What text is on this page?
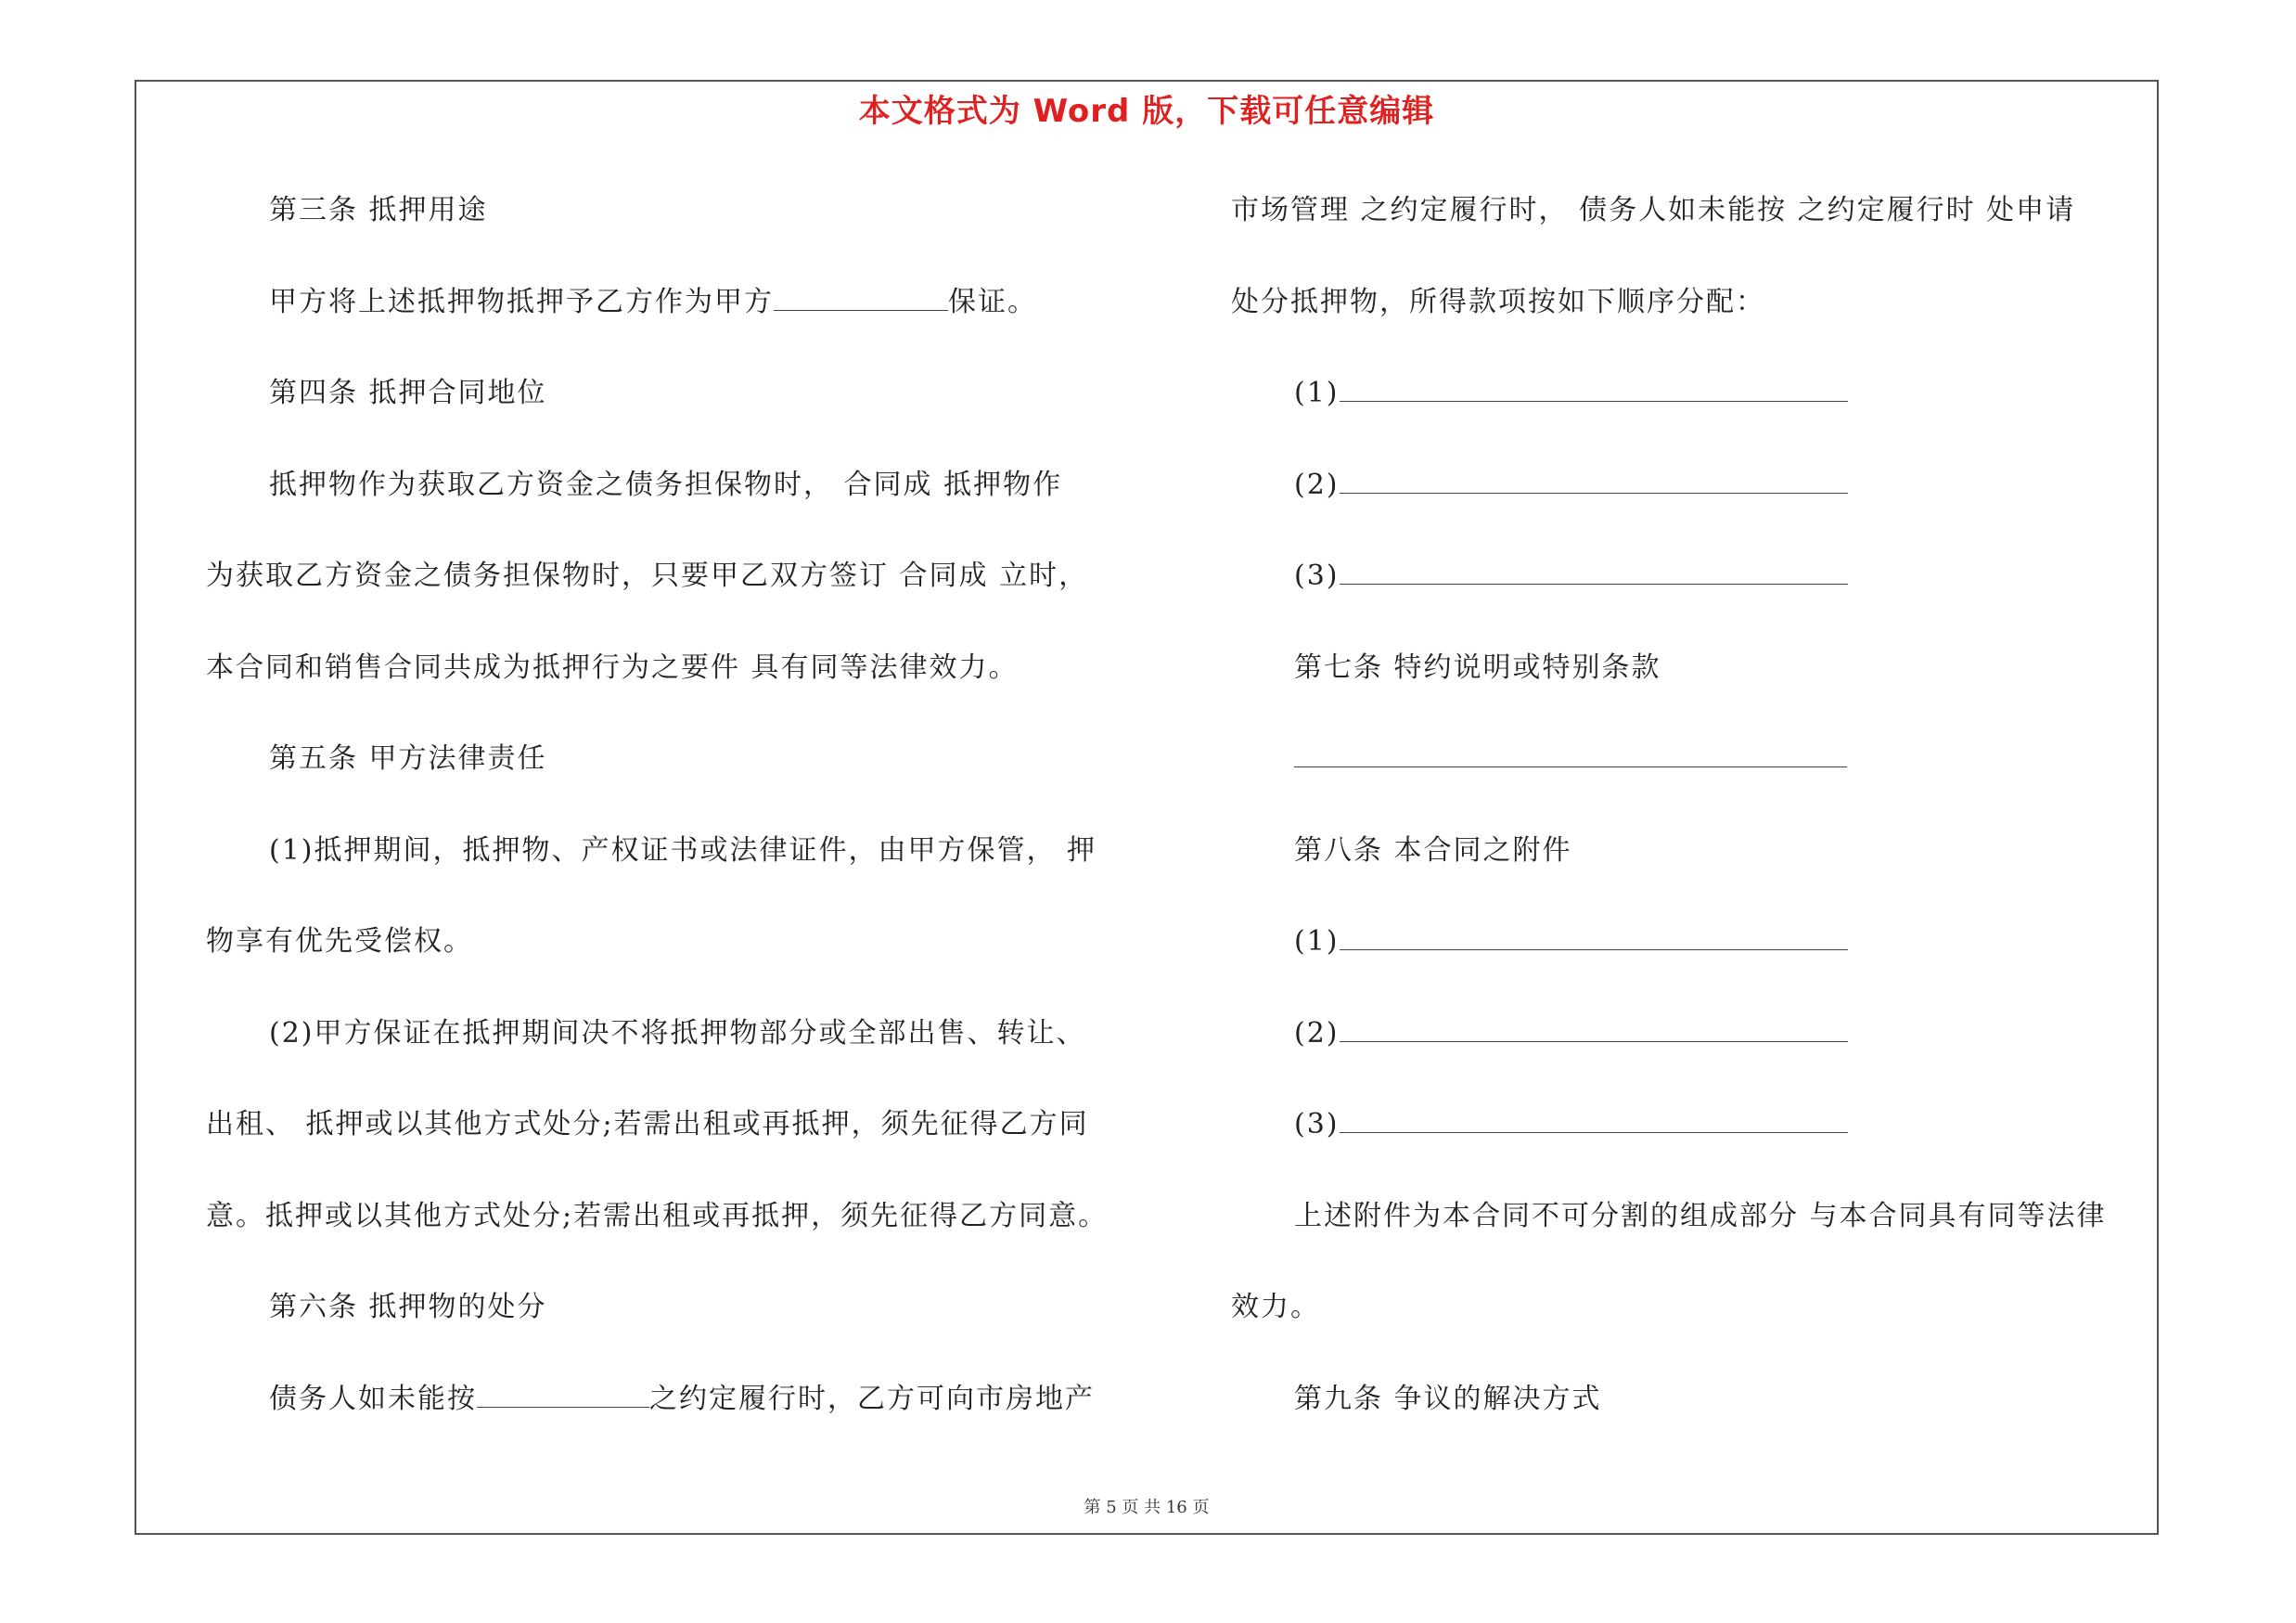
本文格式为 Word 版，下载可任意编辑
第三条 抵押用途
甲方将上述抵押物抵押予乙方作为甲方	保证。
第四条 抵押合同地位
抵押物作为获取乙方资金之债务担保物时， 合同成 抵押物作
为获取乙方资金之债务担保物时，只要甲乙双方签订 合同成 立时，
本合同和销售合同共成为抵押行为之要件 具有同等法律效力。
第五条 甲方法律责任
(1)抵押期间，抵押物、产权证书或法律证件，由甲方保管， 押
物享有优先受偿权。
(2)甲方保证在抵押期间决不将抵押物部分或全部出售、转让、
出租、 抵押或以其他方式处分;若需出租或再抵押，须先征得乙方同
意。抵押或以其他方式处分;若需出租或再抵押，须先征得乙方同意。
第六条 抵押物的处分
债务人如未能按	之约定履行时，乙方可向市房地产
市场管理 之约定履行时， 债务人如未能按 之约定履行时 处申请
处分抵押物，所得款项按如下顺序分配：
(1)
(2)
(3)
第七条 特约说明或特别条款
第八条 本合同之附件
(1)
(2)
(3)
上述附件为本合同不可分割的组成部分 与本合同具有同等法律
效力。
第九条 争议的解决方式
第 5 页 共 16 页
